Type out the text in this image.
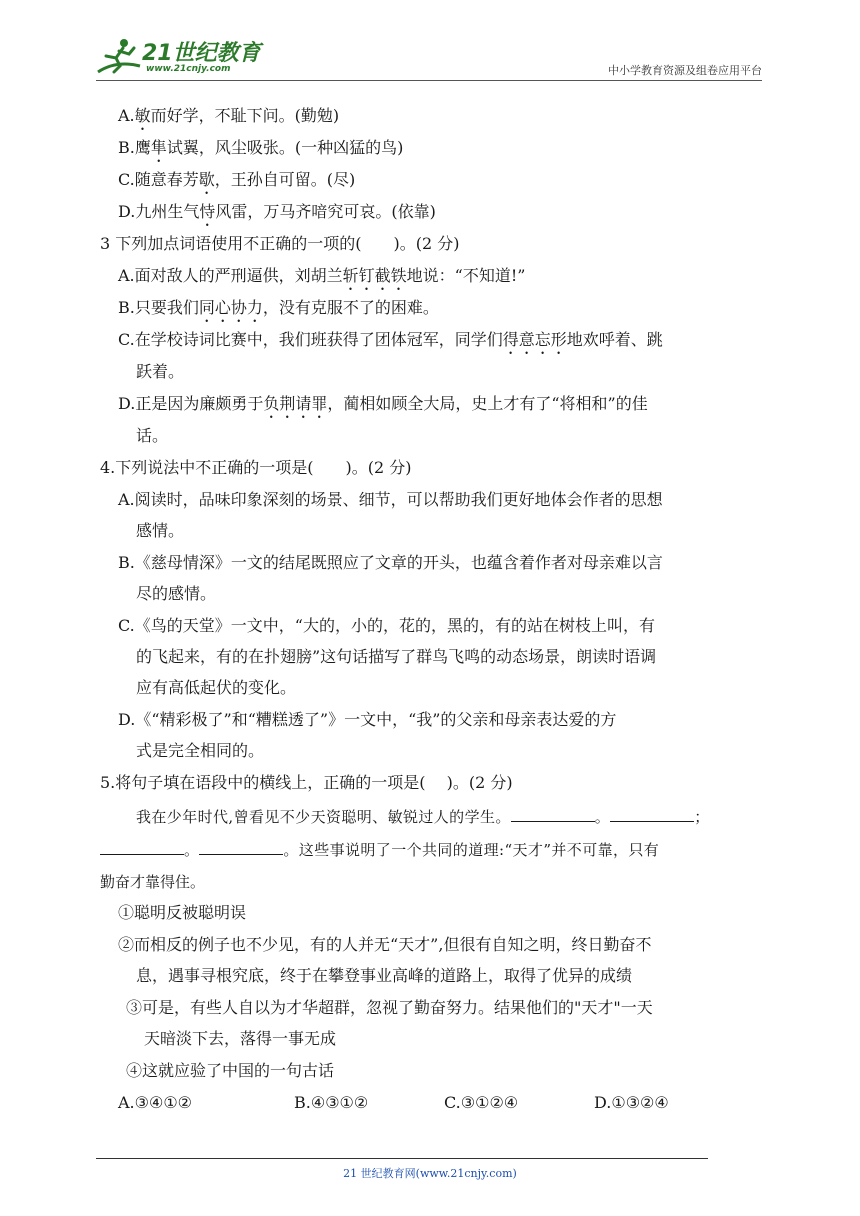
21世纪教育
www.21cnjy.com	中小学教育资源及组卷应用平台
A.敏而好学，不耻下问。(勤勉)
B.鹰隼试翼，风尘吸张。(一种凶猛的鸟)
C.随意春芳歇，王孙自可留。(尽)
D.九州生气恃风雷，万马齐喑究可哀。(依靠)
3 下列加点词语使用不正确的一项的(　　)。(2 分)
A.面对敌人的严刑逼供，刘胡兰斩钉截铁地说：“不知道!”
B.只要我们同心协力，没有克服不了的困难。
C.在学校诗词比赛中，我们班获得了团体冠军，同学们得意忘形地欢呼着、跳
跃着。
D.正是因为廉颇勇于负荆请罪，蔺相如顾全大局，史上才有了“将相和”的佳
话。
4.下列说法中不正确的一项是(　　)。(2 分)
A.阅读时，品味印象深刻的场景、细节，可以帮助我们更好地体会作者的思想
感情。
B.《慈母情深》一文的结尾既照应了文章的开头，也蕴含着作者对母亲难以言
尽的感情。
C.《鸟的天堂》一文中，“大的，小的，花的，黑的，有的站在树枝上叫，有
的飞起来，有的在扑翅膀”这句话描写了群鸟飞鸣的动态场景，朗读时语调
应有高低起伏的变化。
D.《“精彩极了”和“糟糕透了”》一文中，“我”的父亲和母亲表达爱的方
式是完全相同的。
5.将句子填在语段中的横线上，正确的一项是(　 )。(2 分)
我在少年时代,曾看见不少天资聪明、敏锐过人的学生。	。	；
。	。这些事说明了一个共同的道理:“天才”并不可靠，只有
勤奋才靠得住。
①聪明反被聪明误
②而相反的例子也不少见，有的人并无“天才”,但很有自知之明，终日勤奋不
息，遇事寻根究底，终于在攀登事业高峰的道路上，取得了优异的成绩
③可是，有些人自以为才华超群，忽视了勤奋努力。结果他们的"天才"一天
天暗淡下去，落得一事无成
④这就应验了中国的一句古话
A.③④①②	B.④③①②	C.③①②④	D.①③②④
21 世纪教育网(www.21cnjy.com)
